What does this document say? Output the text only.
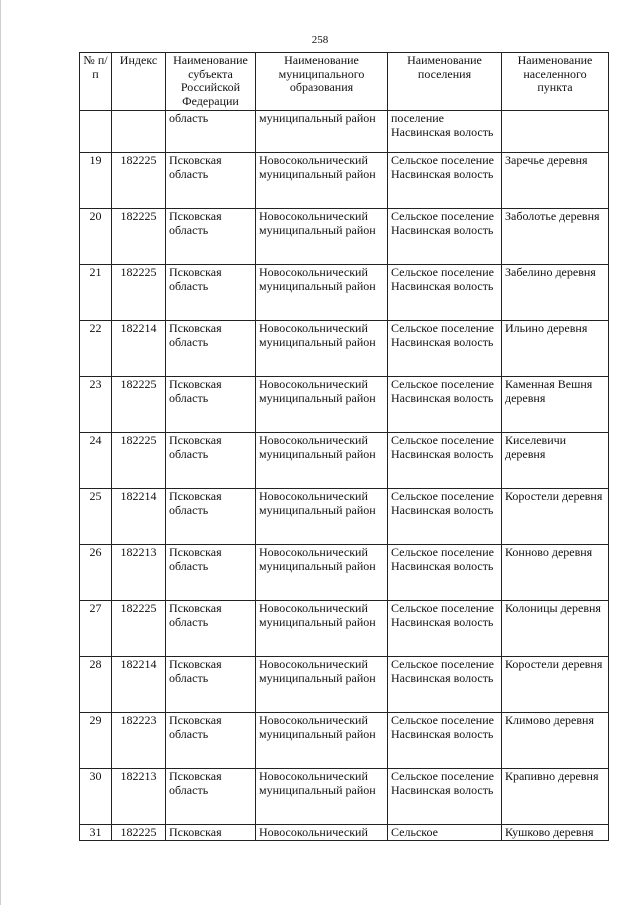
258
№ п/п	Индекс	Наименование субъекта Российской Федерации	Наименование муниципального образования	Наименование поселения	Наименование населенного пункта
		область	муниципальный район	поселение Насвинская волость	
19	182225	Псковская область	Новосокольнический муниципальный район	Сельское поселение Насвинская волость	Заречье деревня
20	182225	Псковская область	Новосокольнический муниципальный район	Сельское поселение Насвинская волость	Заболотье деревня
21	182225	Псковская область	Новосокольнический муниципальный район	Сельское поселение Насвинская волость	Забелино деревня
22	182214	Псковская область	Новосокольнический муниципальный район	Сельское поселение Насвинская волость	Ильино деревня
23	182225	Псковская область	Новосокольнический муниципальный район	Сельское поселение Насвинская волость	Каменная Вешня деревня
24	182225	Псковская область	Новосокольнический муниципальный район	Сельское поселение Насвинская волость	Киселевичи деревня
25	182214	Псковская область	Новосокольнический муниципальный район	Сельское поселение Насвинская волость	Коростели деревня
26	182213	Псковская область	Новосокольнический муниципальный район	Сельское поселение Насвинская волость	Конново деревня
27	182225	Псковская область	Новосокольнический муниципальный район	Сельское поселение Насвинская волость	Колоницы деревня
28	182214	Псковская область	Новосокольнический муниципальный район	Сельское поселение Насвинская волость	Коростели деревня
29	182223	Псковская область	Новосокольнический муниципальный район	Сельское поселение Насвинская волость	Климово деревня
30	182213	Псковская область	Новосокольнический муниципальный район	Сельское поселение Насвинская волость	Крапивно деревня
31	182225	Псковская	Новосокольнический	Сельское	Кушково деревня
